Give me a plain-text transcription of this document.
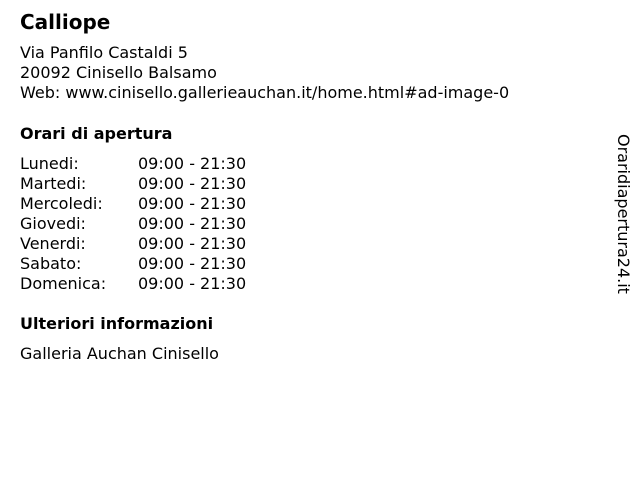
Calliope
Via Panfilo Castaldi 5
20092 Cinisello Balsamo
Web: www.cinisello.gallerieauchan.it/home.html#ad-image-0
Orari di apertura
Lunedi:	09:00 - 21:30
Martedi:	09:00 - 21:30
Mercoledi: 09:00 - 21:30
Giovedi:	09:00 - 21:30
Venerdi:	09:00 - 21:30
Sabato:	09:00 - 21:30
Domenica: 09:00 - 21:30
Ulteriori informazioni
Galleria Auchan Cinisello
Oraridiapertura24.it
